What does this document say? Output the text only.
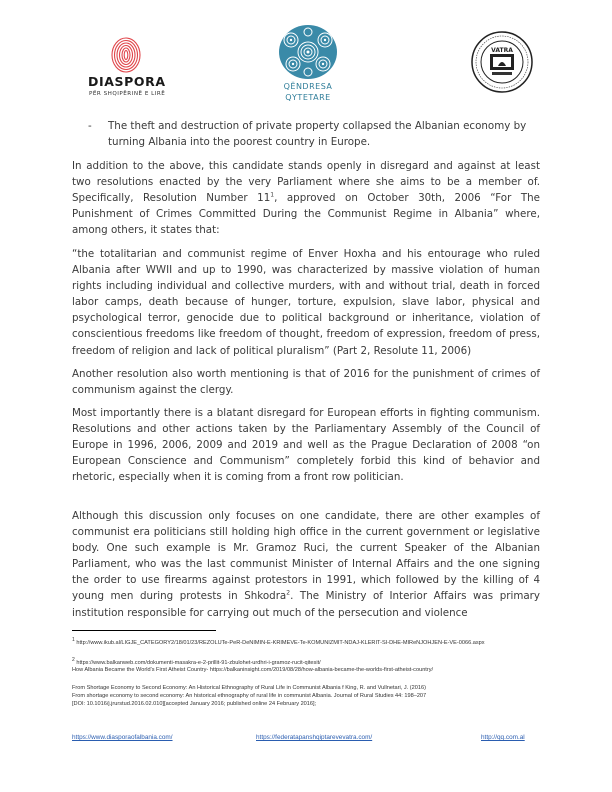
DIASPORA
PËR SHQIPËRINË E LIRË
QËNDRESA
QYTETARE
VATRA
- The theft and destruction of private property collapsed the Albanian economy by turning Albania into the poorest country in Europe.
In addition to the above, this candidate stands openly in disregard and against at least two resolutions enacted by the very Parliament where she aims to be a member of. Specifically, Resolution Number $11^1$, approved on October 30th, 2006 “For The Punishment of Crimes Committed During the Communist Regime in Albania” where, among others, it states that:
“the totalitarian and communist regime of Enver Hoxha and his entourage who ruled Albania after WWII and up to 1990, was characterized by massive violation of human rights including individual and collective murders, with and without trial, death in forced labor camps, death because of hunger, torture, expulsion, slave labor, physical and psychological terror, genocide due to political background or inheritance, violation of conscientious freedoms like freedom of thought, freedom of expression, freedom of press, freedom of religion and lack of political pluralism” (Part 2, Resolute 11, 2006)
Another resolution also worth mentioning is that of 2016 for the punishment of crimes of communism against the clergy.
Most importantly there is a blatant disregard for European efforts in fighting communism. Resolutions and other actions taken by the Parliamentary Assembly of the Council of Europe in 1996, 2006, 2009 and 2019 and well as the Prague Declaration of 2008 “on European Conscience and Communism” completely forbid this kind of behavior and rhetoric, especially when it is coming from a front row politician.
Although this discussion only focuses on one candidate, there are other examples of communist era politicians still holding high office in the current government or legislative body. One such example is Mr. Gramoz Ruci, the current Speaker of the Albanian Parliament, who was the last communist Minister of Internal Affairs and the one signing the order to use firearms against protestors in 1991, which followed by the killing of 4 young men during protests in Shkodra$^2$. The Ministry of Interior Affairs was primary institution responsible for carrying out much of the persecution and violence
$^1$ http://www.ikub.al/LIGJE_CATEGORY2/18/01/23/REZOLUTe-PeR-DeNIMIN-E-KRIMEVE-Te-KOMUNIZMIT-NDAJ-KLERIT-SI-DHE-MIReNJOHJEN-E-VE-0066.aspx
$^2$ https://www.balkanweb.com/dokumenti-masakra-e-2-prillit-91-zbulohet-urdhri-i-gramoz-rucit-qitesit/
How Albania Became the World’s First Atheist Country- https://balkaninsight.com/2019/08/28/how-albania-became-the-worlds-first-atheist-country/
From Shortage Economy to Second Economy: An Historical Ethnography of Rural Life in Communist Albania f King, R. and Vullnetari, J. (2016)
From shortage economy to second economy: An historical ethnography of rural life in communist Albania. Journal of Rural Studies 44: 198–207
[DOI: 10.1016/j.jrurstud.2016.02.010][accepted January 2016; published online 24 February 2016];
https://www.diasporaofalbania.com/	https://federatapanshqiptarevevatra.com/	http://qq.com.al
